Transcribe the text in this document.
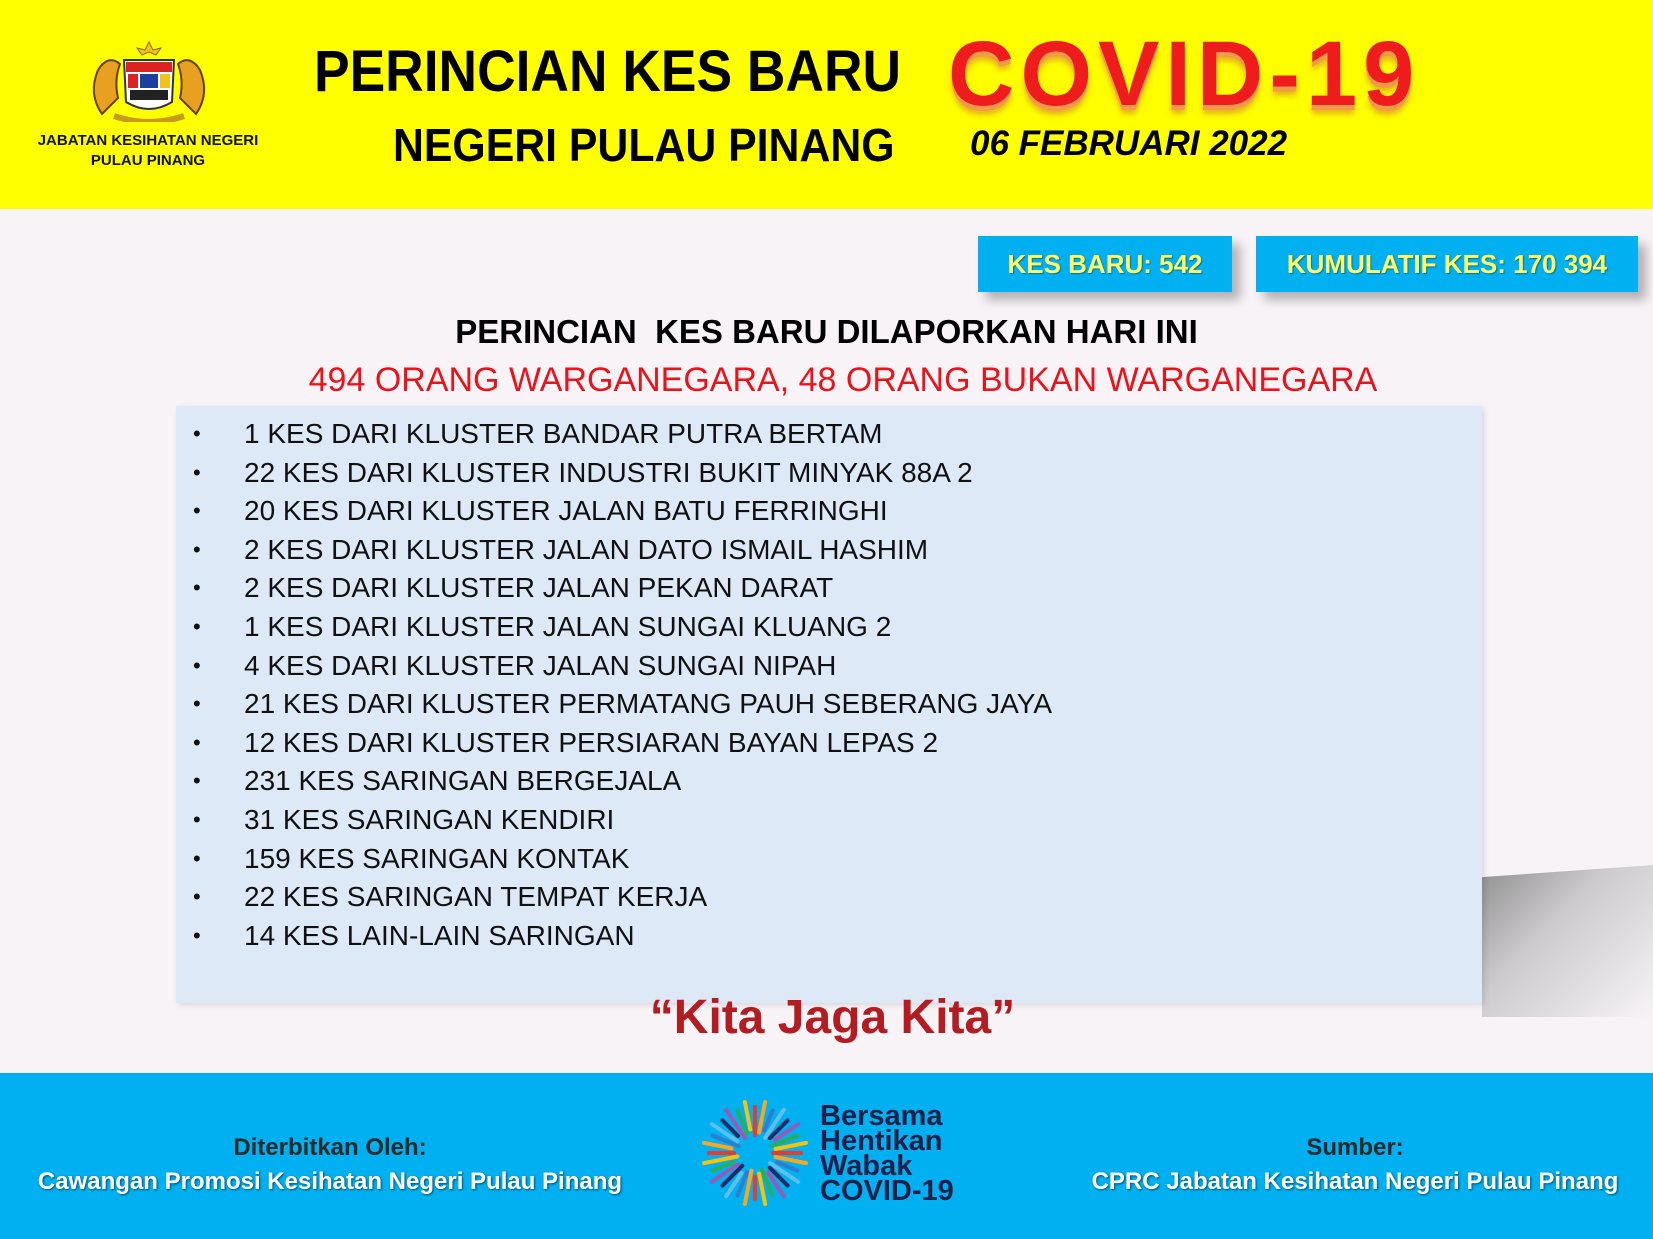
JABATAN KESIHATAN NEGERI PULAU PINANG
PERINCIAN KES BARU COVID-19
NEGERI PULAU PINANG 06 FEBRUARI 2022
KES BARU: 542	KUMULATIF KES: 170 394
PERINCIAN  KES BARU DILAPORKAN HARI INI
494 ORANG WARGANEGARA, 48 ORANG BUKAN WARGANEGARA
• 1 KES DARI KLUSTER BANDAR PUTRA BERTAM
• 22 KES DARI KLUSTER INDUSTRI BUKIT MINYAK 88A 2
• 20 KES DARI KLUSTER JALAN BATU FERRINGHI
• 2 KES DARI KLUSTER JALAN DATO ISMAIL HASHIM
• 2 KES DARI KLUSTER JALAN PEKAN DARAT
• 1 KES DARI KLUSTER JALAN SUNGAI KLUANG 2
• 4 KES DARI KLUSTER JALAN SUNGAI NIPAH
• 21 KES DARI KLUSTER PERMATANG PAUH SEBERANG JAYA
• 12 KES DARI KLUSTER PERSIARAN BAYAN LEPAS 2
• 231 KES SARINGAN BERGEJALA
• 31 KES SARINGAN KENDIRI
• 159 KES SARINGAN KONTAK
• 22 KES SARINGAN TEMPAT KERJA
• 14 KES LAIN-LAIN SARINGAN
“Kita Jaga Kita”
Diterbitkan Oleh:
Cawangan Promosi Kesihatan Negeri Pulau Pinang
Bersama
Hentikan
Wabak
COVID-19
Sumber:
CPRC Jabatan Kesihatan Negeri Pulau Pinang
